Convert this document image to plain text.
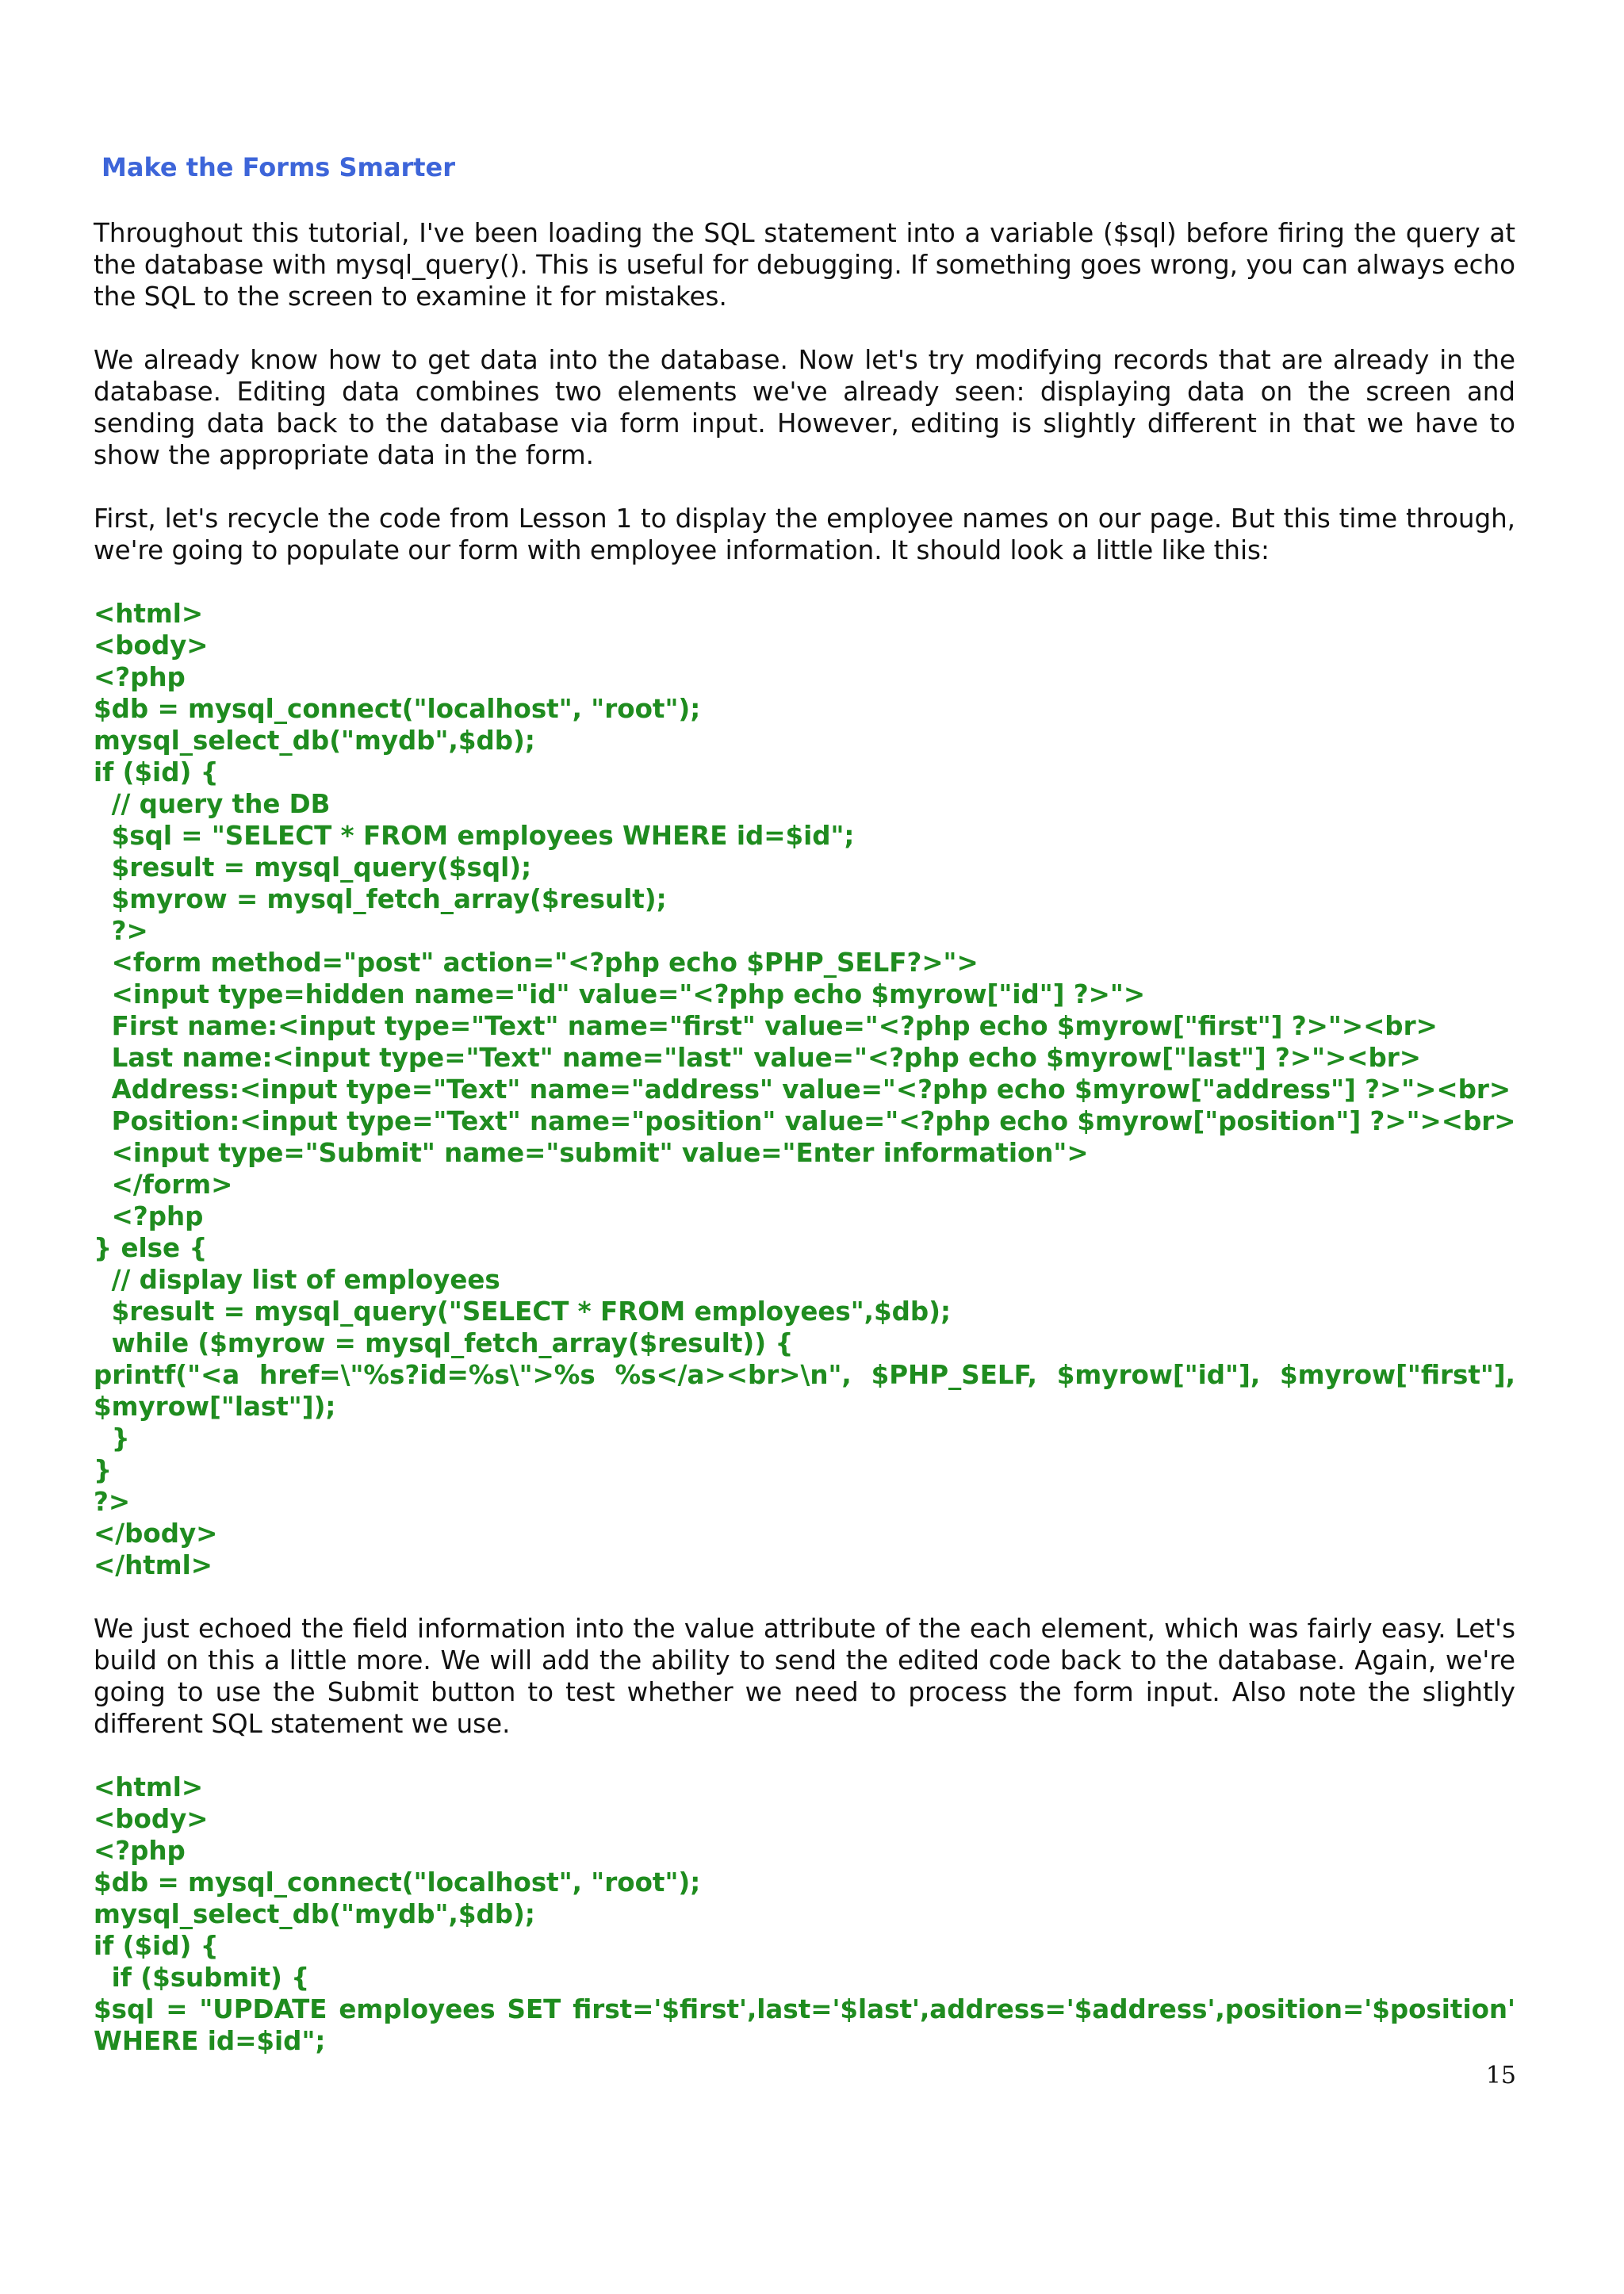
Make the Forms Smarter

Throughout this tutorial, I've been loading the SQL statement into a variable ($sql) before firing the query at the database with mysql_query(). This is useful for debugging. If something goes wrong, you can always echo the SQL to the screen to examine it for mistakes.

We already know how to get data into the database. Now let's try modifying records that are already in the database. Editing data combines two elements we've already seen: displaying data on the screen and sending data back to the database via form input. However, editing is slightly different in that we have to show the appropriate data in the form.

First, let's recycle the code from Lesson 1 to display the employee names on our page. But this time through, we're going to populate our form with employee information. It should look a little like this:

<html>
<body>
<?php
$db = mysql_connect("localhost", "root");
mysql_select_db("mydb",$db);
if ($id) {
// query the DB
$sql = "SELECT * FROM employees WHERE id=$id";
$result = mysql_query($sql);
$myrow = mysql_fetch_array($result);
?>
<form method="post" action="<?php echo $PHP_SELF?>">
<input type=hidden name="id" value="<?php echo $myrow["id"] ?>">
First name:<input type="Text" name="first" value="<?php echo $myrow["first"] ?>"><br>
Last name:<input type="Text" name="last" value="<?php echo $myrow["last"] ?>"><br>
Address:<input type="Text" name="address" value="<?php echo $myrow["address"] ?>"><br>
Position:<input type="Text" name="position" value="<?php echo $myrow["position"] ?>"><br>
<input type="Submit" name="submit" value="Enter information">
</form>
<?php
} else {
// display list of employees
$result = mysql_query("SELECT * FROM employees",$db);
while ($myrow = mysql_fetch_array($result)) {
printf("<a href=\"%s?id=%s\">%s %s</a><br>\n", $PHP_SELF, $myrow["id"], $myrow["first"], $myrow["last"]);
}
}
?>
</body>
</html>

We just echoed the field information into the value attribute of the each element, which was fairly easy. Let's build on this a little more. We will add the ability to send the edited code back to the database. Again, we're going to use the Submit button to test whether we need to process the form input. Also note the slightly different SQL statement we use.

<html>
<body>
<?php
$db = mysql_connect("localhost", "root");
mysql_select_db("mydb",$db);
if ($id) {
if ($submit) {
$sql = "UPDATE employees SET first='$first',last='$last',address='$address',position='$position' WHERE id=$id";
15
